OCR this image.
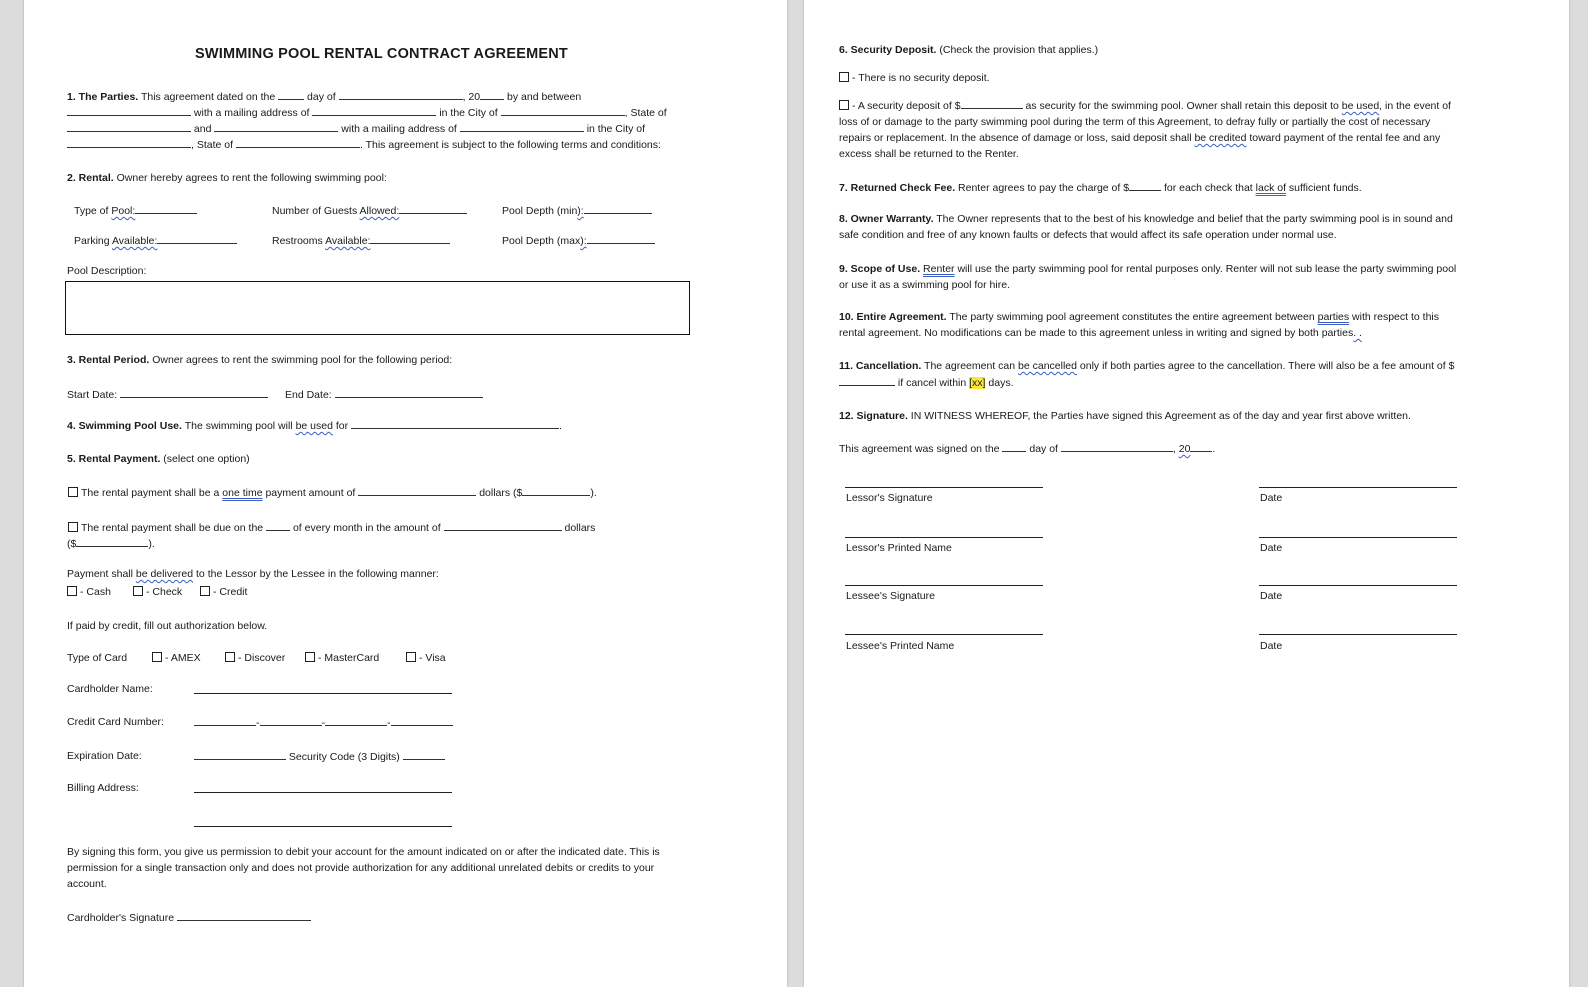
SWIMMING POOL RENTAL CONTRACT AGREEMENT
1. The Parties. This agreement dated on the	day of	, 20	by and between
with a mailing address of	in the City of	, State of
and	with a mailing address of	in the City of
, State of	. This agreement is subject to the following terms and conditions:
2. Rental. Owner hereby agrees to rent the following swimming pool:
Type of Pool:	Number of Guests Allowed:	Pool Depth (min):
Parking Available:	Restrooms Available:	Pool Depth (max):
Pool Description:
3. Rental Period. Owner agrees to rent the swimming pool for the following period:
Start Date:	End Date:
4. Swimming Pool Use. The swimming pool will be used for	.
5. Rental Payment. (select one option)
The rental payment shall be a one time payment amount of	dollars ($	).
The rental payment shall be due on the	of every month in the amount of	dollars
($	).
Payment shall be delivered to the Lessor by the Lessee in the following manner:
- Cash	- Check	- Credit
If paid by credit, fill out authorization below.
Type of Card	- AMEX	- Discover	- MasterCard	- Visa
Cardholder Name:
Credit Card Number:	-	-	-
Expiration Date:	Security Code (3 Digits)
Billing Address:
By signing this form, you give us permission to debit your account for the amount indicated on or after the indicated date. This is permission for a single transaction only and does not provide authorization for any additional unrelated debits or credits to your account.
Cardholder's Signature
6. Security Deposit. (Check the provision that applies.)
- There is no security deposit.
- A security deposit of $	as security for the swimming pool. Owner shall retain this deposit to be used, in the event of loss of or damage to the party swimming pool during the term of this Agreement, to defray fully or partially the cost of necessary repairs or replacement. In the absence of damage or loss, said deposit shall be credited toward payment of the rental fee and any excess shall be returned to the Renter.
7. Returned Check Fee. Renter agrees to pay the charge of $	for each check that lack of sufficient funds.
8. Owner Warranty. The Owner represents that to the best of his knowledge and belief that the party swimming pool is in sound and safe condition and free of any known faults or defects that would affect its safe operation under normal use.
9. Scope of Use. Renter will use the party swimming pool for rental purposes only. Renter will not sub lease the party swimming pool or use it as a swimming pool for hire.
10. Entire Agreement. The party swimming pool agreement constitutes the entire agreement between parties with respect to this rental agreement. No modifications can be made to this agreement unless in writing and signed by both parties. .
11. Cancellation. The agreement can be cancelled only if both parties agree to the cancellation. There will also be a fee amount of $ if cancel within [xx] days.
12. Signature. IN WITNESS WHEREOF, the Parties have signed this Agreement as of the day and year first above written.
This agreement was signed on the	day of	, 20 .
Lessor's Signature	Date
Lessor's Printed Name	Date
Lessee's Signature	Date
Lessee's Printed Name	Date
